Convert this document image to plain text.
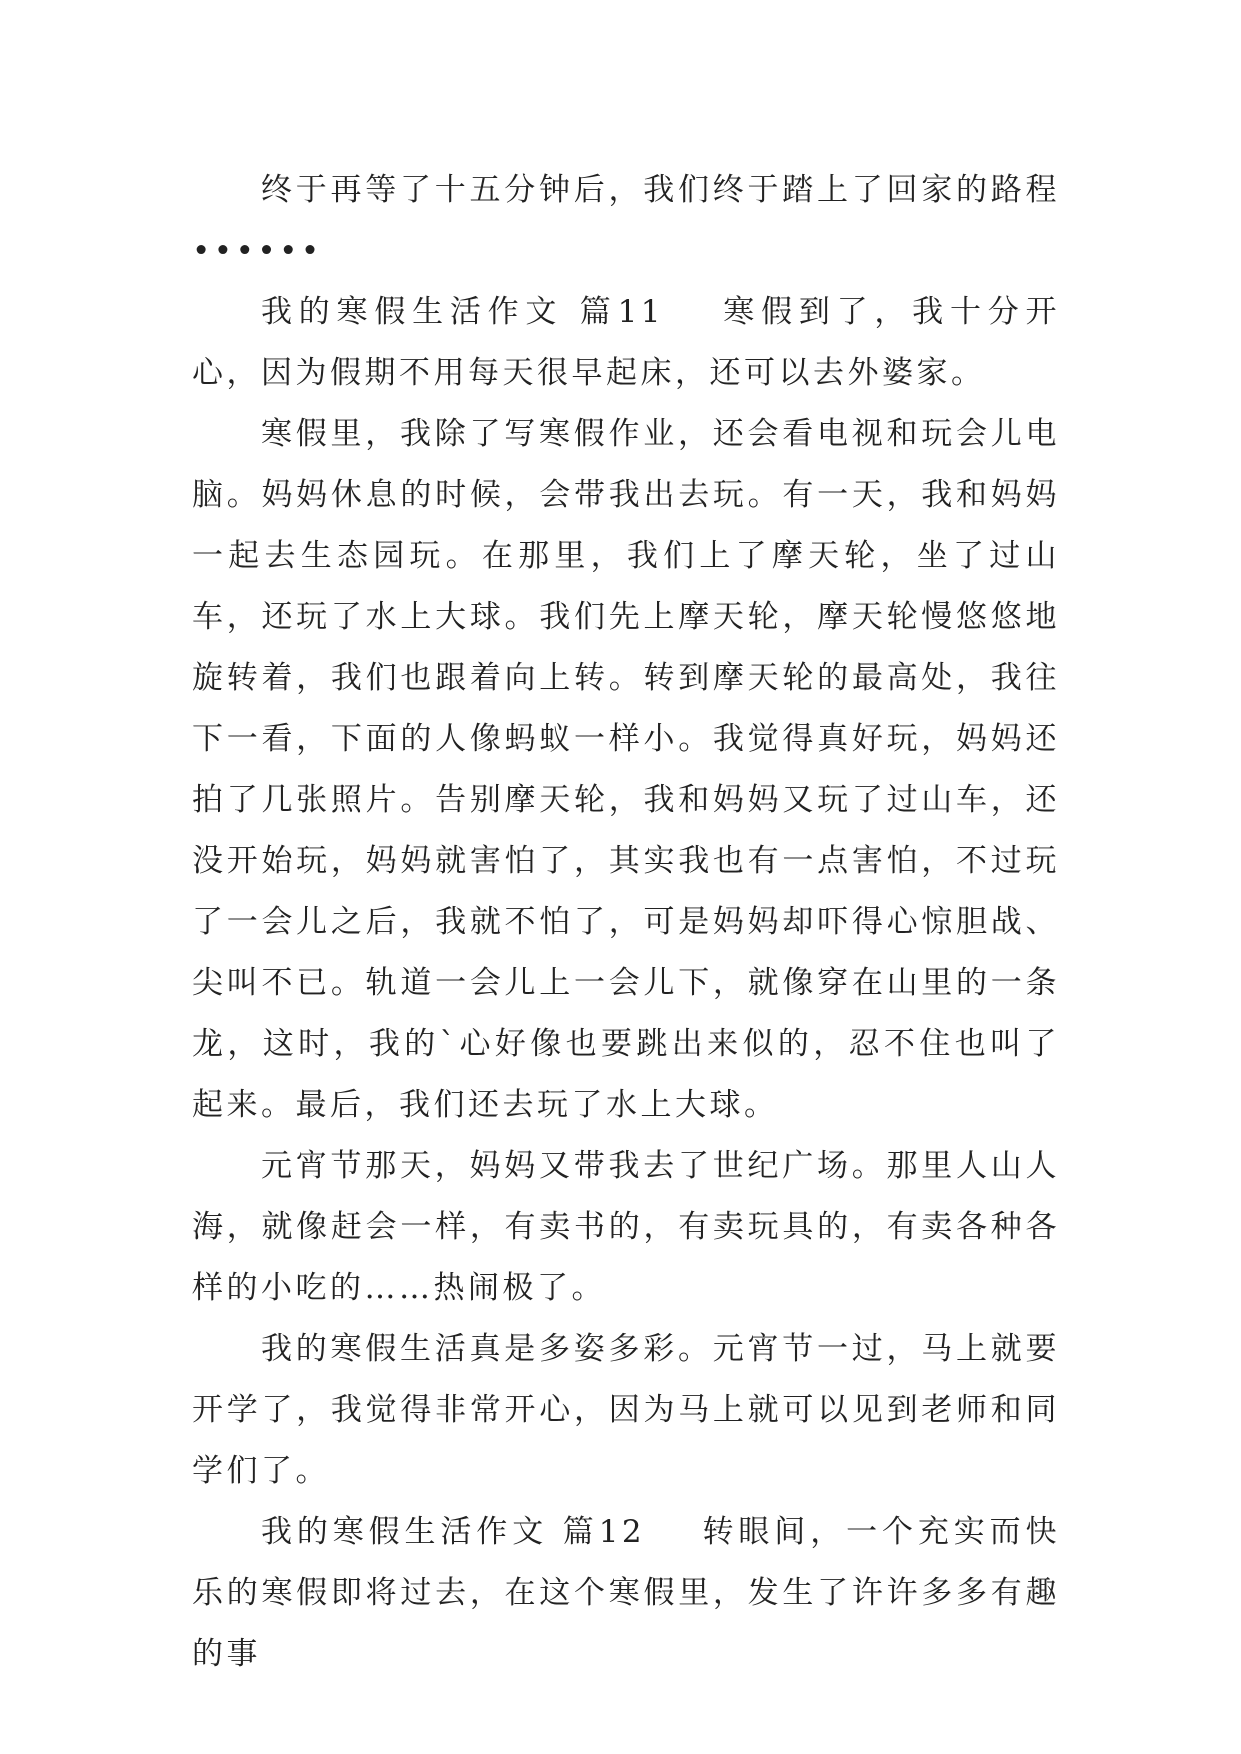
终于再等了十五分钟后，我们终于踏上了回家的路程••••••

我的寒假生活作文 篇11 寒假到了，我十分开心，因为假期不用每天很早起床，还可以去外婆家。

寒假里，我除了写寒假作业，还会看电视和玩会儿电脑。妈妈休息的时候，会带我出去玩。有一天，我和妈妈一起去生态园玩。在那里，我们上了摩天轮，坐了过山车，还玩了水上大球。我们先上摩天轮，摩天轮慢悠悠地旋转着，我们也跟着向上转。转到摩天轮的最高处，我往下一看，下面的人像蚂蚁一样小。我觉得真好玩，妈妈还拍了几张照片。告别摩天轮，我和妈妈又玩了过山车，还没开始玩，妈妈就害怕了，其实我也有一点害怕，不过玩了一会儿之后，我就不怕了，可是妈妈却吓得心惊胆战、尖叫不已。轨道一会儿上一会儿下，就像穿在山里的一条龙，这时，我的`心好像也要跳出来似的，忍不住也叫了起来。最后，我们还去玩了水上大球。

元宵节那天，妈妈又带我去了世纪广场。那里人山人海，就像赶会一样，有卖书的，有卖玩具的，有卖各种各样的小吃的……热闹极了。

我的寒假生活真是多姿多彩。元宵节一过，马上就要开学了，我觉得非常开心，因为马上就可以见到老师和同学们了。

我的寒假生活作文 篇12 转眼间，一个充实而快乐的寒假即将过去，在这个寒假里，发生了许许多多有趣的事
